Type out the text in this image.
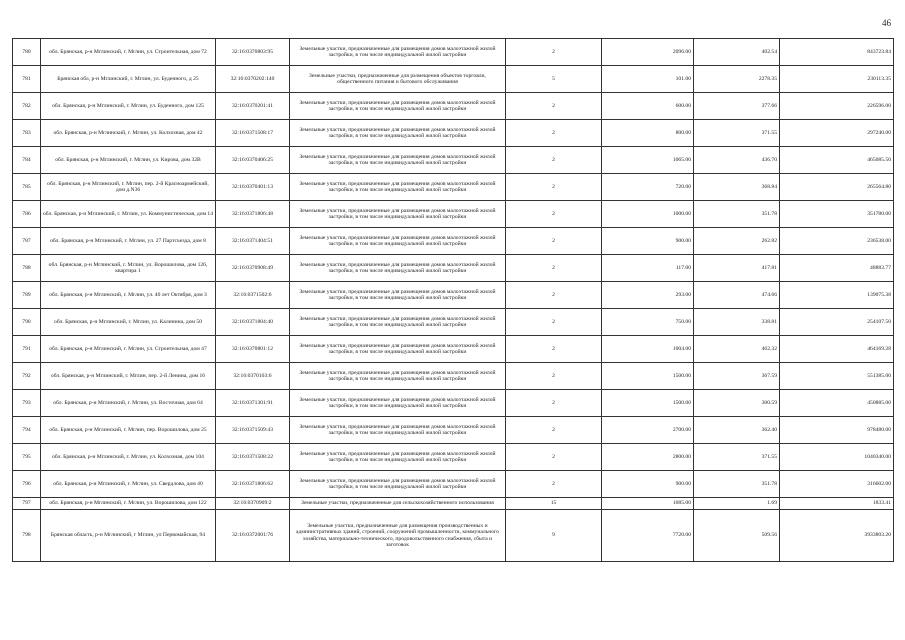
46
780	обл. Брянская, р-н Мглинский, г. Мглин, ул. Строительная, дом 72	32:16:0370803:95	Земельные участки, предназначенные для размещения домов малоэтажной жилой застройки, в том числе индивидуальной жилой застройки	2	2096.00	402.54	843723.84
781	Брянская обл, р-н Мглинский, г. Мглин, ул. Буденного, д 25	32:16:0370202:140	Земельные участки, предназначенные для размещения объектов торговли, общественного питания и бытового обслуживания	5	101.00	2278.35	230113.35
782	обл. Брянская, р-н Мглинский, г. Мглин, ул. Буденного, дом 125	32:16:0370201:41	Земельные участки, предназначенные для размещения домов малоэтажной жилой застройки, в том числе индивидуальной жилой застройки	2	600.00	377.66	226596.00
783	обл. Брянская, р-н Мглинский, г. Мглин, ул. Колхозная, дом 42	32:16:0371508:17	Земельные участки, предназначенные для размещения домов малоэтажной жилой застройки, в том числе индивидуальной жилой застройки	2	800.00	371.55	297240.00
784	обл. Брянская, р-н Мглинский, г. Мглин, ул. Кирова, дом 32В	32:16:0370406:25	Земельные участки, предназначенные для размещения домов малоэтажной жилой застройки, в том числе индивидуальной жилой застройки	2	1065.00	436.70	465085.50
785	обл. Брянская, р-н Мглинский, г. Мглин, пер. 2-й Красноармейский, дом д.N36	32:16:0370401:13	Земельные участки, предназначенные для размещения домов малоэтажной жилой застройки, в том числе индивидуальной жилой застройки	2	720.00	368.84	265564.80
786	обл. Брянская, р-н Мглинский, г. Мглин, ул. Коммунистическая, дом 14	32:16:0371806:48	Земельные участки, предназначенные для размещения домов малоэтажной жилой застройки, в том числе индивидуальной жилой застройки	2	1000.00	351.78	351780.00
787	обл. Брянская, р-н Мглинский, г. Мглин, ул. 27 Партсъезда, дом 8	32:16:0371404:51	Земельные участки, предназначенные для размещения домов малоэтажной жилой застройки, в том числе индивидуальной жилой застройки	2	900.00	262.82	236538.00
788	обл. Брянская, р-н Мглинский, г. Мглин, ул. Ворошилова, дом 126, квартира 1	32:16:0370908:49	Земельные участки, предназначенные для размещения домов малоэтажной жилой застройки, в том числе индивидуальной жилой застройки	2	117.00	417.81	48883.77
789	обл. Брянская, р-н Мглинский, г. Мглин, ул. 40 лет Октября, дом 3	32:16:0371502:6	Земельные участки, предназначенные для размещения домов малоэтажной жилой застройки, в том числе индивидуальной жилой застройки	2	293.00	474.66	139075.38
790	обл. Брянская, р-н Мглинский, г. Мглин, ул. Калинина, дом 50	32:16:0371804:40	Земельные участки, предназначенные для размещения домов малоэтажной жилой застройки, в том числе индивидуальной жилой застройки	2	750.00	338.81	254107.50
791	обл. Брянская, р-н Мглинский, г. Мглин, ул. Строительная, дом 47	32:16:0370801:12	Земельные участки, предназначенные для размещения домов малоэтажной жилой застройки, в том числе индивидуальной жилой застройки	2	1004.00	462.32	464169.28
792	обл. Брянская, р-н Мглинский, г. Мглин, пер. 2-й Ленина, дом 16	32:16:0370103:6	Земельные участки, предназначенные для размещения домов малоэтажной жилой застройки, в том числе индивидуальной жилой застройки	2	1500.00	367.59	551385.00
793	обл. Брянская, р-н Мглинский, г. Мглин, ул. Восточная, дом 64	32:16:0371301:91	Земельные участки, предназначенные для размещения домов малоэтажной жилой застройки, в том числе индивидуальной жилой застройки	2	1500.00	300.59	450885.00
794	обл. Брянская, р-н Мглинский, г. Мглин, пер. Ворошилова, дом 25	32:16:0371509:43	Земельные участки, предназначенные для размещения домов малоэтажной жилой застройки, в том числе индивидуальной жилой застройки	2	2700.00	362.40	978480.00
795	обл. Брянская, р-н Мглинский, г. Мглин, ул. Колхозная, дом 104	32:16:0371508:22	Земельные участки, предназначенные для размещения домов малоэтажной жилой застройки, в том числе индивидуальной жилой застройки	2	2800.00	371.55	1040340.00
796	обл. Брянская, р-н Мглинский, г. Мглин, ул. Свердлова, дом 40	32:16:0371806:62	Земельные участки, предназначенные для размещения домов малоэтажной жилой застройки, в том числе индивидуальной жилой застройки	2	900.00	351.78	316602.00
797	обл. Брянская, р-н Мглинский, г. Мглин, ул. Ворошилова, дом 122	32:16:0370909:2	Земельные участки, предназначенные для сельскохозяйственного использования	15	1085.00	1.69	1833.41
798	Брянская область, р-н Мглинский, г Мглин, ул Первомайская, 94	32:16:0372001:76	Земельные участки, предназначенные для размещения производственных и административных зданий, строений, сооружений промышленности, коммунального хозяйства, материально-технического, продовольственного снабжения, сбыта и заготовок	9	7720.00	509.56	3933803.20
